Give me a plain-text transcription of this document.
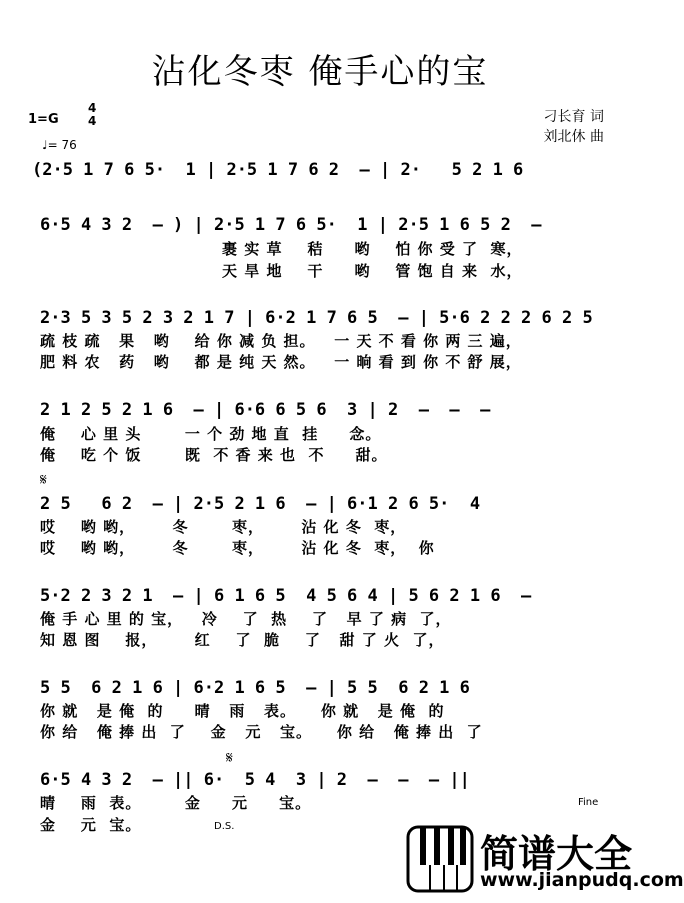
沾化冬枣 俺手心的宝
刁长育 词
刘北休 曲
1=G
4
4
♩= 76
(2·5 1 7 6 5·  1 | 2·5 1 7 6 2  — | 2·   5 2 1 6
6·5 4 3 2  — ) | 2·5 1 7 6 5·  1 | 2·5 1 6 5 2  —
裹 实 草    秸     哟    怕 你 受 了  寒，
天 旱 地    干     哟    管 饱 自 来  水，
2·3 5 3 5 2 3 2 1 7 | 6·2 1 7 6 5  — | 5·6 2 2 2 6 2 5
疏 枝 疏   果   哟    给 你 减 负 担。   一 天 不 看 你 两 三 遍，
肥 料 农   药   哟    都 是 纯 天 然。   一 晌 看 到 你 不 舒 展，
2 1 2 5 2 1 6  — | 6·6 6 5 6  3 | 2  —  —  —
俺    心 里 头       一 个 劲 地 直  挂     念。
俺    吃 个 饭       既  不 香 来 也  不     甜。
𝄋
2 5   6 2  — | 2·5 2 1 6  — | 6·1 2 6 5·  4
哎    哟 哟，      冬       枣，      沾 化 冬  枣，
哎    哟 哟，      冬       枣，      沾 化 冬  枣，  你
5·2 2 3 2 1  — | 6 1 6 5  4 5 6 4 | 5 6 2 1 6  —
俺 手 心 里 的 宝，   冷    了  热    了   早 了 病  了，
知 恩 图    报，      红    了  脆    了   甜 了 火  了，
5 5  6 2 1 6 | 6·2 1 6 5  — | 5 5  6 2 1 6
你 就   是 俺  的     晴   雨   表。    你 就   是 俺  的
你 给   俺 捧 出  了    金   元   宝。    你 给   俺 捧 出  了
𝄋
6·5 4 3 2  — || 6·  5 4  3 | 2  —  —  — ||
晴    雨  表。       金     元     宝。
金    元  宝。
Fine
D.S.
简谱大全
www.jianpudq.com
